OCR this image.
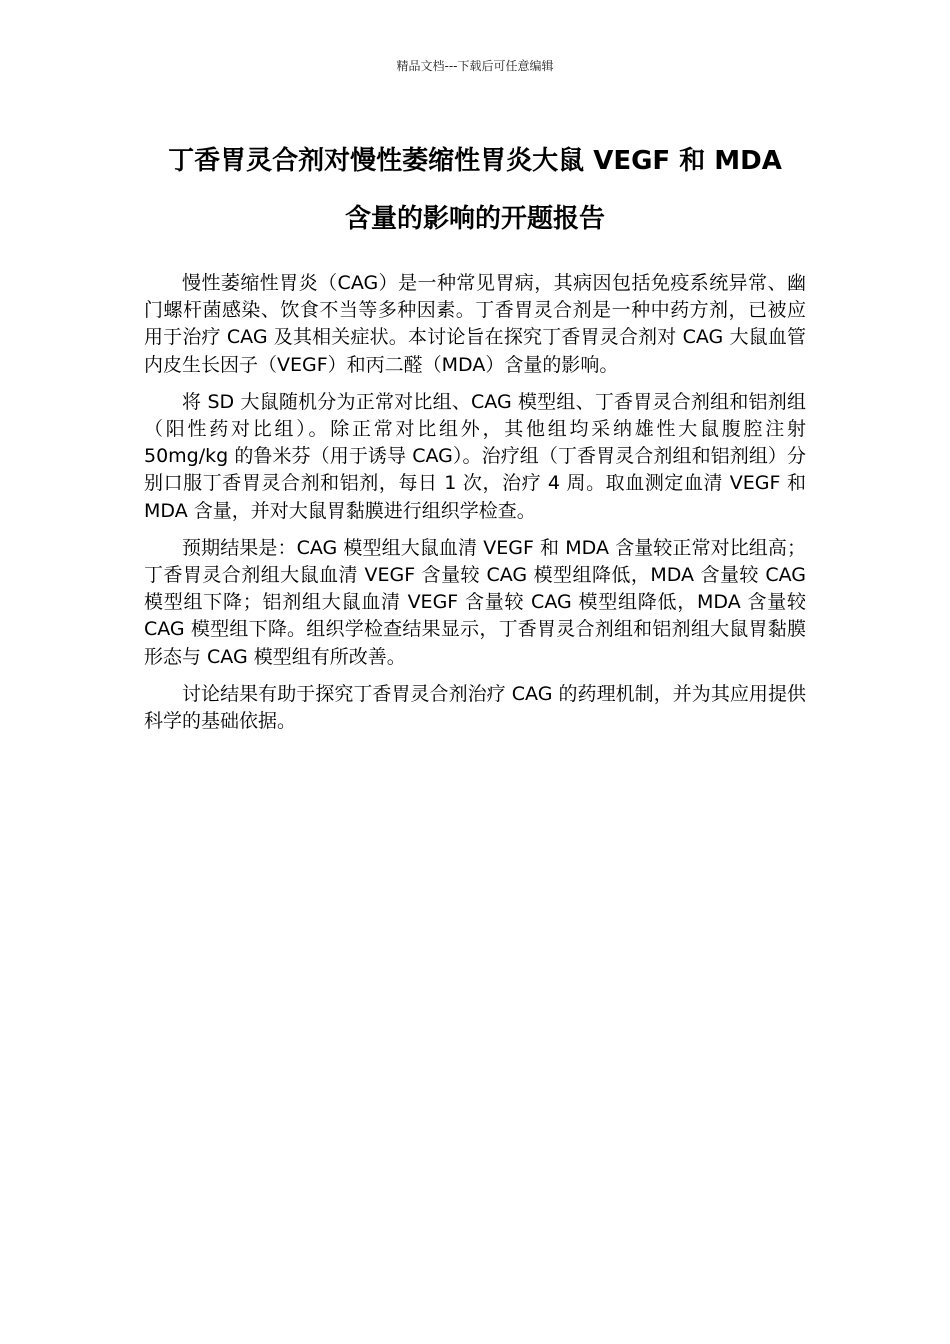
精品文档---下载后可任意编辑
丁香胃灵合剂对慢性萎缩性胃炎大鼠 VEGF 和 MDA
含量的影响的开题报告

慢性萎缩性胃炎（CAG）是一种常见胃病，其病因包括免疫系统异常、幽门螺杆菌感染、饮食不当等多种因素。丁香胃灵合剂是一种中药方剂，已被应用于治疗 CAG 及其相关症状。本讨论旨在探究丁香胃灵合剂对 CAG 大鼠血管内皮生长因子（VEGF）和丙二醛（MDA）含量的影响。

将 SD 大鼠随机分为正常对比组、CAG 模型组、丁香胃灵合剂组和铝剂组（阳性药对比组）。除正常对比组外，其他组均采纳雄性大鼠腹腔注射 50mg/kg 的鲁米芬（用于诱导 CAG）。治疗组（丁香胃灵合剂组和铝剂组）分别口服丁香胃灵合剂和铝剂，每日 1 次，治疗 4 周。取血测定血清 VEGF 和 MDA 含量，并对大鼠胃黏膜进行组织学检查。

预期结果是：CAG 模型组大鼠血清 VEGF 和 MDA 含量较正常对比组高；丁香胃灵合剂组大鼠血清 VEGF 含量较 CAG 模型组降低，MDA 含量较 CAG 模型组下降；铝剂组大鼠血清 VEGF 含量较 CAG 模型组降低，MDA 含量较 CAG 模型组下降。组织学检查结果显示，丁香胃灵合剂组和铝剂组大鼠胃黏膜形态与 CAG 模型组有所改善。

讨论结果有助于探究丁香胃灵合剂治疗 CAG 的药理机制，并为其应用提供科学的基础依据。
